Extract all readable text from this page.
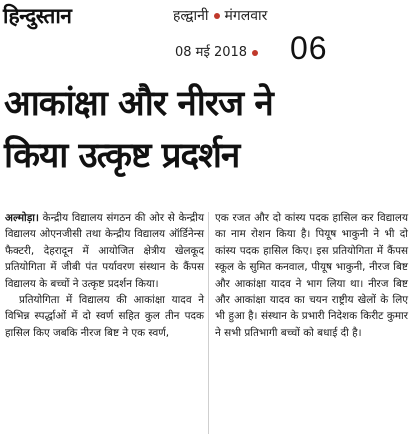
हिन्दुस्तान	हल्द्वानी मंगलवार
08 मई 2018	06
आकांक्षा और नीरज ने
किया उत्कृष्ट प्रदर्शन

अल्मोड़ा। केन्द्रीय विद्यालय संगठन की ओर से केन्द्रीय विद्यालय ओएनजीसी तथा केन्द्रीय विद्यालय ऑर्डिनेन्स फैक्टरी, देहरादून में आयोजित क्षेत्रीय खेलकूद प्रतियोगिता में जीबी पंत पर्यावरण संस्थान के कैंपस विद्यालय के बच्चों ने उत्कृष्ट प्रदर्शन किया।

प्रतियोगिता में विद्यालय की आकांक्षा यादव ने विभिन्न स्पर्द्धाओं में दो स्वर्ण सहित कुल तीन पदक हासिल किए जबकि नीरज बिष्ट ने एक स्वर्ण,

एक रजत और दो कांस्य पदक हासिल कर विद्यालय का नाम रोशन किया है। पियूष भाकुनी ने भी दो कांस्य पदक हासिल किए। इस प्रतियोगिता में कैंपस स्कूल के सुमित कनवाल, पीयूष भाकुनी, नीरज बिष्ट और आकांक्षा यादव ने भाग लिया था। नीरज बिष्ट और आकांक्षा यादव का चयन राष्ट्रीय खेलों के लिए भी हुआ है। संस्थान के प्रभारी निदेशक किरीट कुमार ने सभी प्रतिभागी बच्चों को बधाई दी है।
